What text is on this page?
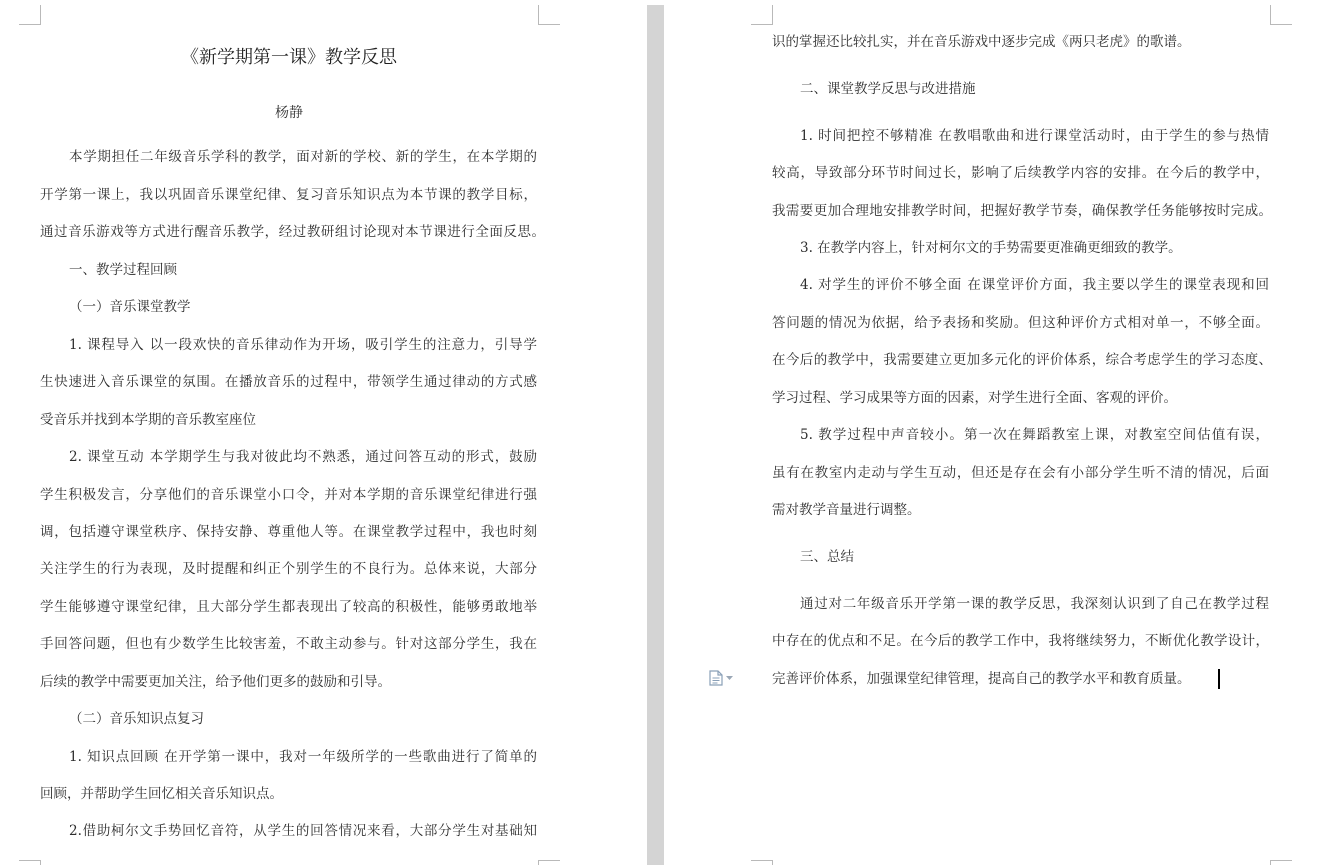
《新学期第一课》教学反思
杨静
本学期担任二年级音乐学科的教学，面对新的学校、新的学生，在本学期的
开学第一课上，我以巩固音乐课堂纪律、复习音乐知识点为本节课的教学目标，
通过音乐游戏等方式进行醒音乐教学，经过教研组讨论现对本节课进行全面反思。
一、教学过程回顾
（一）音乐课堂教学
1. 课程导入 以一段欢快的音乐律动作为开场，吸引学生的注意力，引导学
生快速进入音乐课堂的氛围。在播放音乐的过程中，带领学生通过律动的方式感
受音乐并找到本学期的音乐教室座位
2. 课堂互动 本学期学生与我对彼此均不熟悉，通过问答互动的形式，鼓励
学生积极发言，分享他们的音乐课堂小口令，并对本学期的音乐课堂纪律进行强
调，包括遵守课堂秩序、保持安静、尊重他人等。在课堂教学过程中，我也时刻
关注学生的行为表现，及时提醒和纠正个别学生的不良行为。总体来说，大部分
学生能够遵守课堂纪律，且大部分学生都表现出了较高的积极性，能够勇敢地举
手回答问题，但也有少数学生比较害羞，不敢主动参与。针对这部分学生，我在
后续的教学中需要更加关注，给予他们更多的鼓励和引导。
（二）音乐知识点复习
1. 知识点回顾 在开学第一课中，我对一年级所学的一些歌曲进行了简单的
回顾，并帮助学生回忆相关音乐知识点。
2.借助柯尔文手势回忆音符，从学生的回答情况来看，大部分学生对基础知
识的掌握还比较扎实，并在音乐游戏中逐步完成《两只老虎》的歌谱。
二、课堂教学反思与改进措施
1. 时间把控不够精准 在教唱歌曲和进行课堂活动时，由于学生的参与热情
较高，导致部分环节时间过长，影响了后续教学内容的安排。在今后的教学中，
我需要更加合理地安排教学时间，把握好教学节奏，确保教学任务能够按时完成。
3. 在教学内容上，针对柯尔文的手势需要更准确更细致的教学。
4. 对学生的评价不够全面 在课堂评价方面，我主要以学生的课堂表现和回
答问题的情况为依据，给予表扬和奖励。但这种评价方式相对单一，不够全面。
在今后的教学中，我需要建立更加多元化的评价体系，综合考虑学生的学习态度、
学习过程、学习成果等方面的因素，对学生进行全面、客观的评价。
5. 教学过程中声音较小。第一次在舞蹈教室上课，对教室空间估值有误，
虽有在教室内走动与学生互动，但还是存在会有小部分学生听不清的情况，后面
需对教学音量进行调整。
三、总结
通过对二年级音乐开学第一课的教学反思，我深刻认识到了自己在教学过程
中存在的优点和不足。在今后的教学工作中，我将继续努力，不断优化教学设计，
完善评价体系，加强课堂纪律管理，提高自己的教学水平和教育质量。
